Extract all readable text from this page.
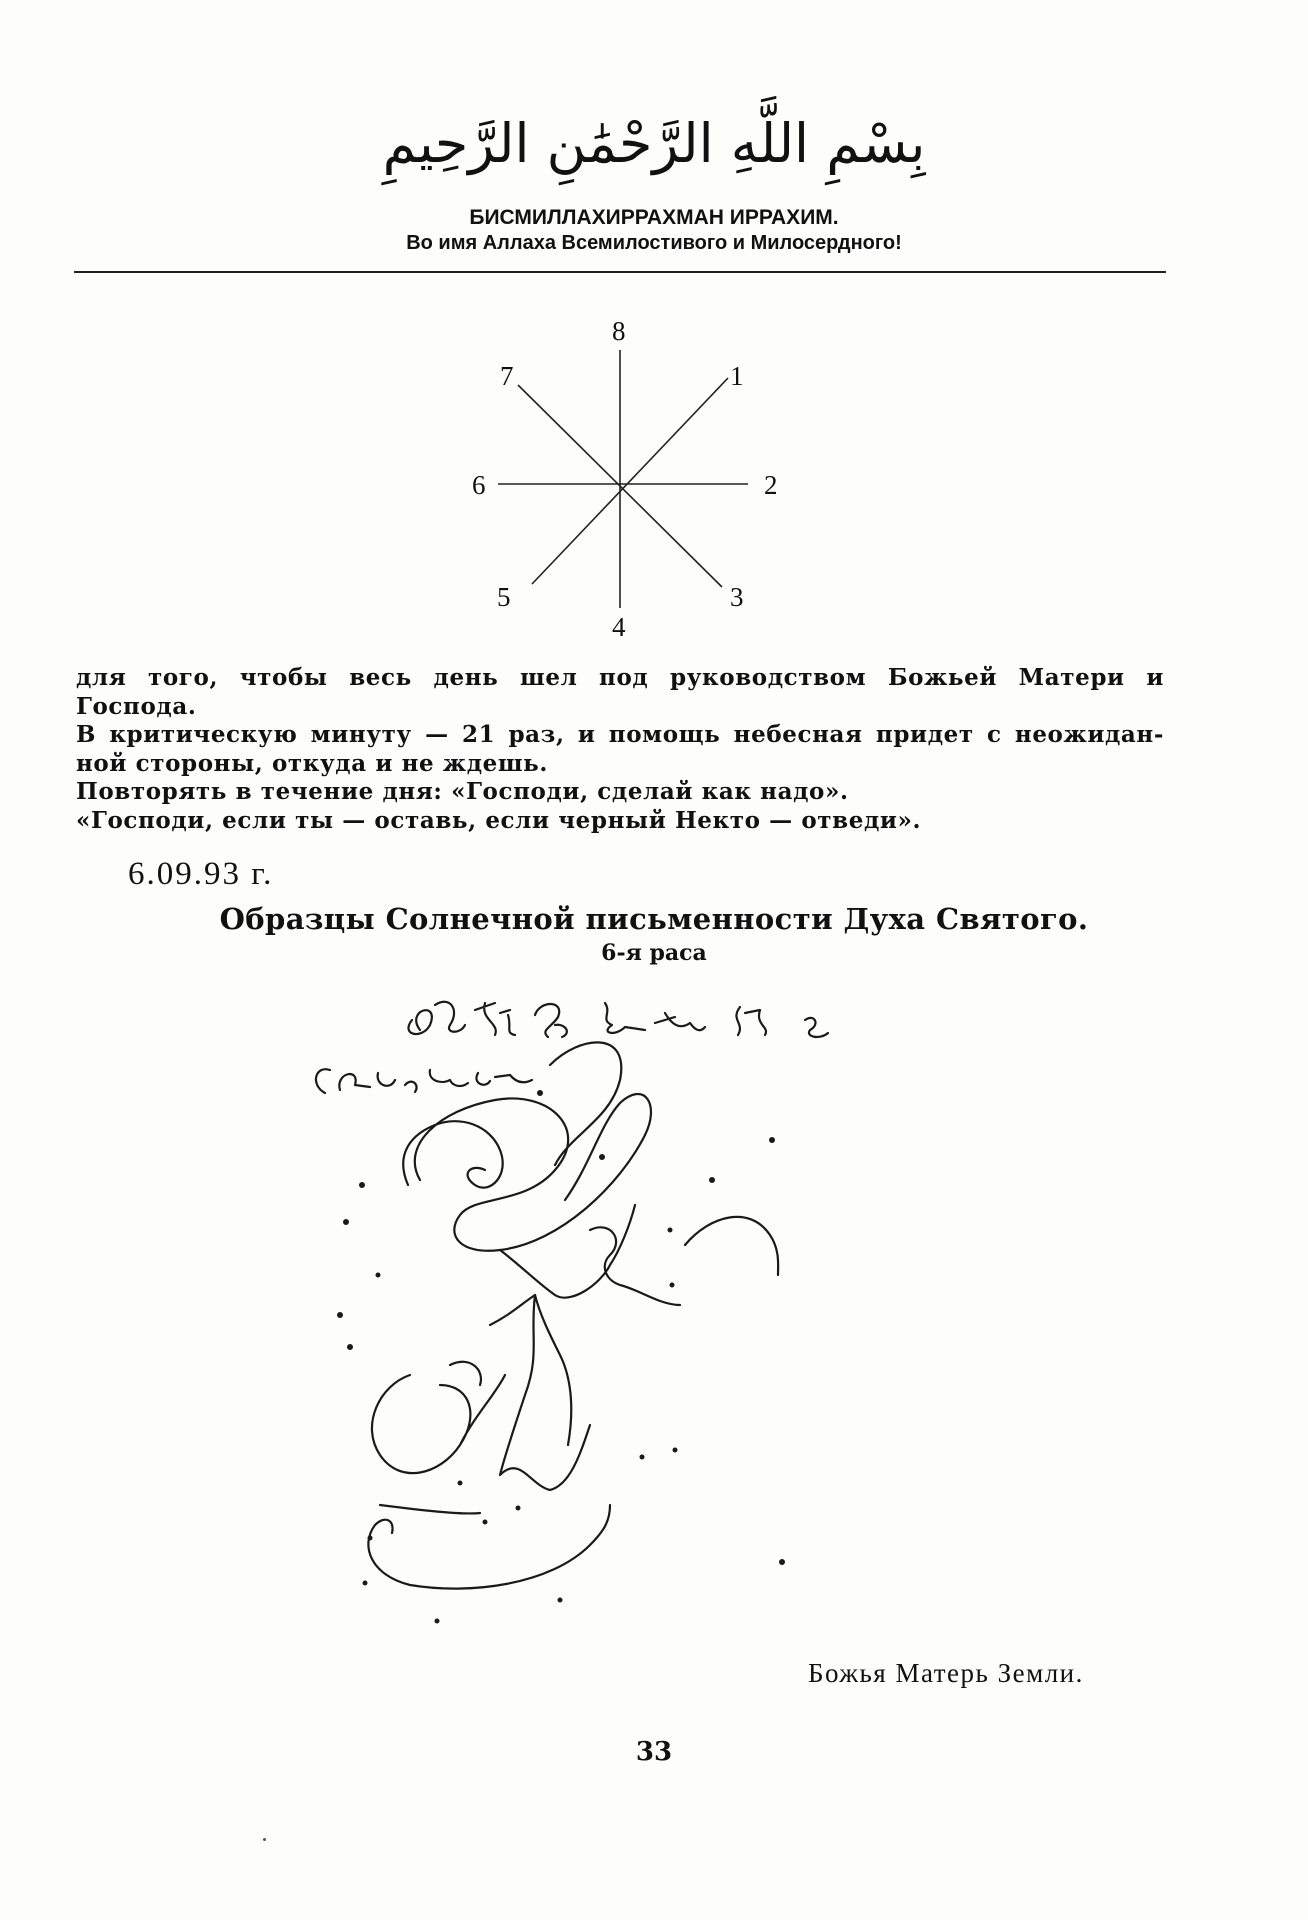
بِسْمِ اللَّهِ الرَّحْمَٰنِ الرَّحِيمِ
БИСМИЛЛАХИРРАХМАН ИРРАХИМ.
Во имя Аллаха Всемилостивого и Милосердного!
8
1
7
6	2
5	3
4

для того, чтобы весь день шел под руководством Божьей Матери и

Господа.

В критическую минуту — 21 раз, и помощь небесная придет с неожидан-

ной стороны, откуда и не ждешь.

Повторять в течение дня: «Господи, сделай как надо».

«Господи, если ты — оставь, если черный Некто — отведи».

6.09.93 г.
Образцы Солнечной письменности Духа Святого.
6-я раса
Божья Матерь Земли.
33
